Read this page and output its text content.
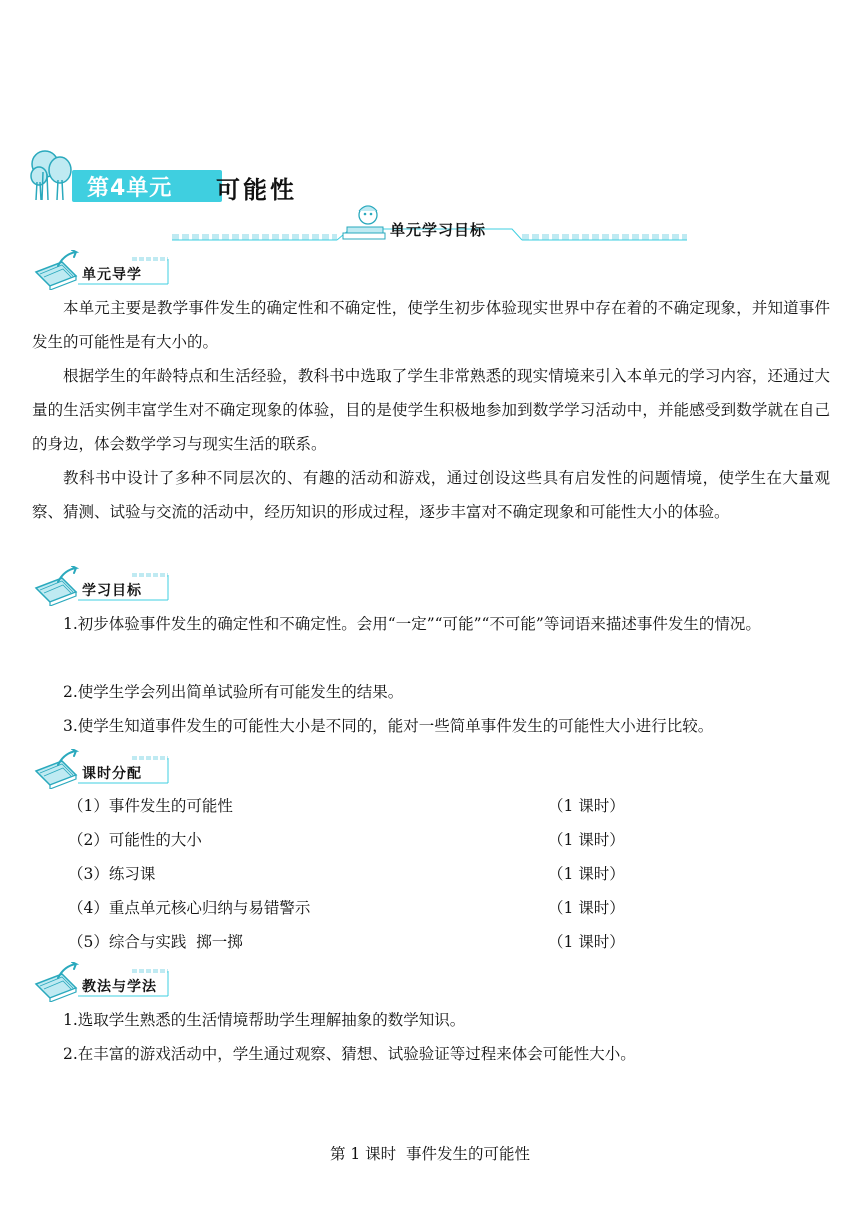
第4单元 可能性
单元学习目标
单元导学
本单元主要是教学事件发生的确定性和不确定性，使学生初步体验现实世界中存在着的不确定现象，并知道事件发生的可能性是有大小的。
根据学生的年龄特点和生活经验，教科书中选取了学生非常熟悉的现实情境来引入本单元的学习内容，还通过大量的生活实例丰富学生对不确定现象的体验，目的是使学生积极地参加到数学学习活动中，并能感受到数学就在自己的身边，体会数学学习与现实生活的联系。
教科书中设计了多种不同层次的、有趣的活动和游戏，通过创设这些具有启发性的问题情境，使学生在大量观察、猜测、试验与交流的活动中，经历知识的形成过程，逐步丰富对不确定现象和可能性大小的体验。
学习目标
1.初步体验事件发生的确定性和不确定性。会用“一定”“可能”“不可能”等词语来描述事件发生的情况。
2.使学生学会列出简单试验所有可能发生的结果。
3.使学生知道事件发生的可能性大小是不同的，能对一些简单事件发生的可能性大小进行比较。
课时分配
（1）事件发生的可能性	（1 课时）
（2）可能性的大小	（1 课时）
（3）练习课	（1 课时）
（4）重点单元核心归纳与易错警示	（1 课时）
（5）综合与实践  掷一掷	（1 课时）
教法与学法
1.选取学生熟悉的生活情境帮助学生理解抽象的数学知识。
2.在丰富的游戏活动中，学生通过观察、猜想、试验验证等过程来体会可能性大小。
第 1 课时  事件发生的可能性
